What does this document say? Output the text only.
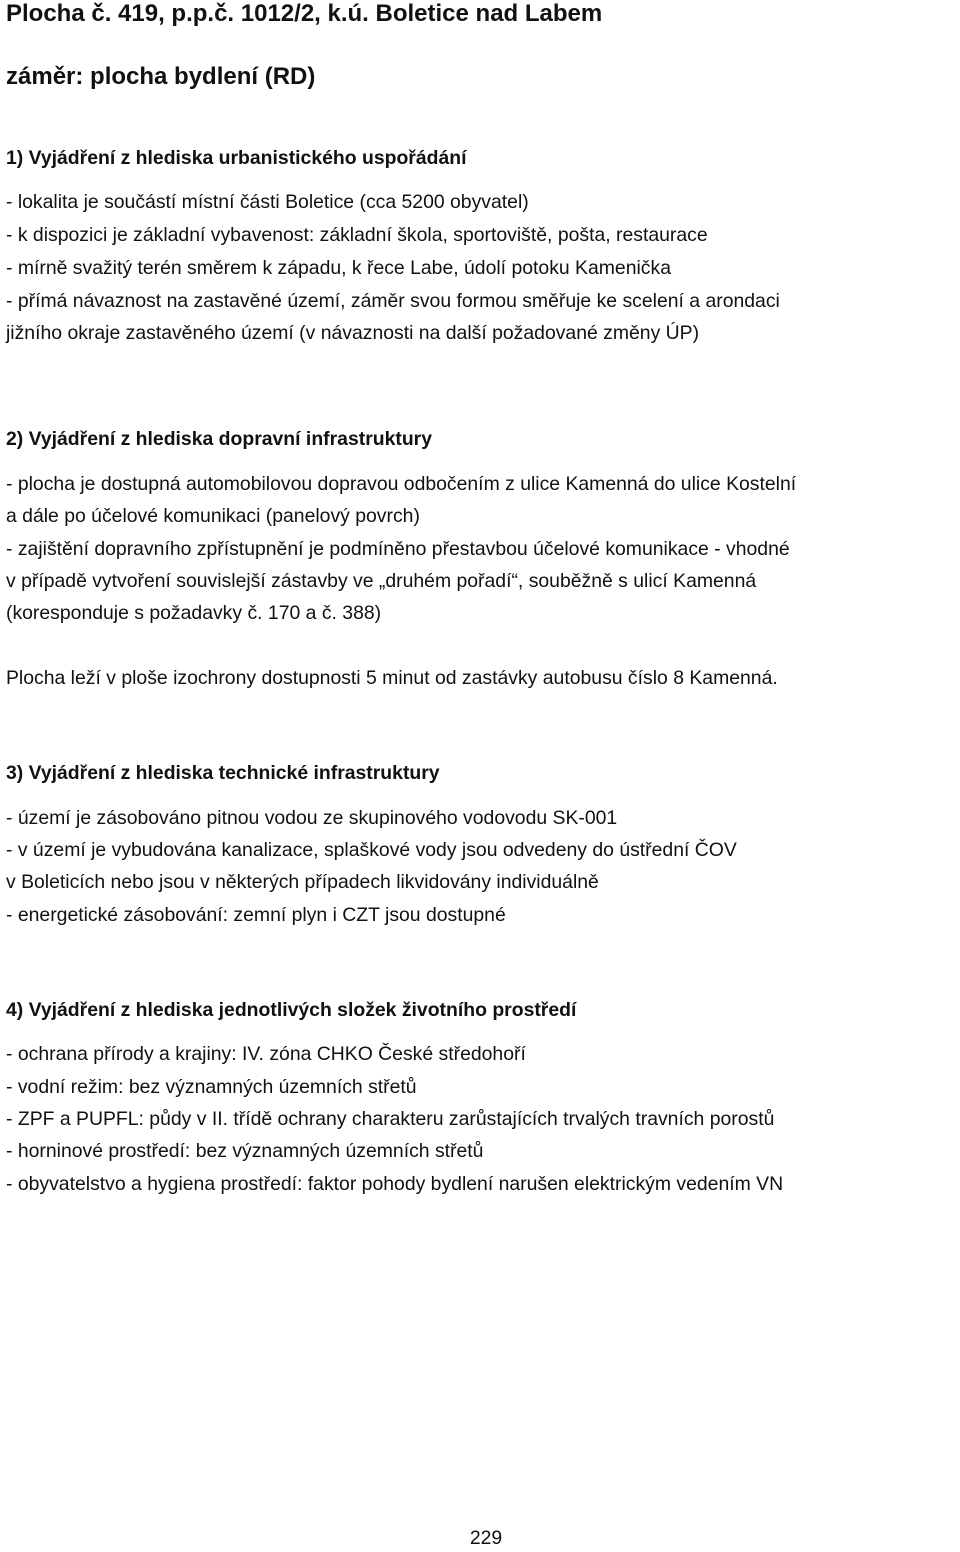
Plocha č. 419, p.p.č. 1012/2, k.ú. Boletice nad Labem
záměr: plocha bydlení (RD)
1) Vyjádření z hlediska urbanistického uspořádání
- lokalita je součástí místní části Boletice (cca 5200 obyvatel)
- k dispozici je základní vybavenost: základní škola, sportoviště, pošta, restaurace
- mírně svažitý terén směrem k západu, k řece Labe, údolí potoku Kamenička
- přímá návaznost na zastavěné území, záměr svou formou směřuje ke scelení a arondaci
jižního okraje zastavěného území (v návaznosti na další požadované změny ÚP)
2) Vyjádření z hlediska dopravní infrastruktury
- plocha je dostupná automobilovou dopravou odbočením z ulice Kamenná do ulice Kostelní
a dále po účelové komunikaci (panelový povrch)
- zajištění dopravního zpřístupnění je podmíněno přestavbou účelové komunikace - vhodné
v případě vytvoření souvislejší zástavby ve „druhém pořadí“, souběžně s ulicí Kamenná
(koresponduje s požadavky č. 170 a č. 388)
Plocha leží v ploše izochrony dostupnosti 5 minut od zastávky autobusu číslo 8 Kamenná.
3) Vyjádření z hlediska technické infrastruktury
- území je zásobováno pitnou vodou ze skupinového vodovodu SK-001
- v území je vybudována kanalizace, splaškové vody jsou odvedeny do ústřední ČOV
v Boleticích nebo jsou v některých případech likvidovány individuálně
- energetické zásobování: zemní plyn i CZT jsou dostupné
4) Vyjádření z hlediska jednotlivých složek životního prostředí
- ochrana přírody a krajiny: IV. zóna CHKO České středohoří
- vodní režim: bez významných územních střetů
- ZPF a PUPFL: půdy v II. třídě ochrany charakteru zarůstajících trvalých travních porostů
- horninové prostředí: bez významných územních střetů
- obyvatelstvo a hygiena prostředí: faktor pohody bydlení narušen elektrickým vedením VN
229
